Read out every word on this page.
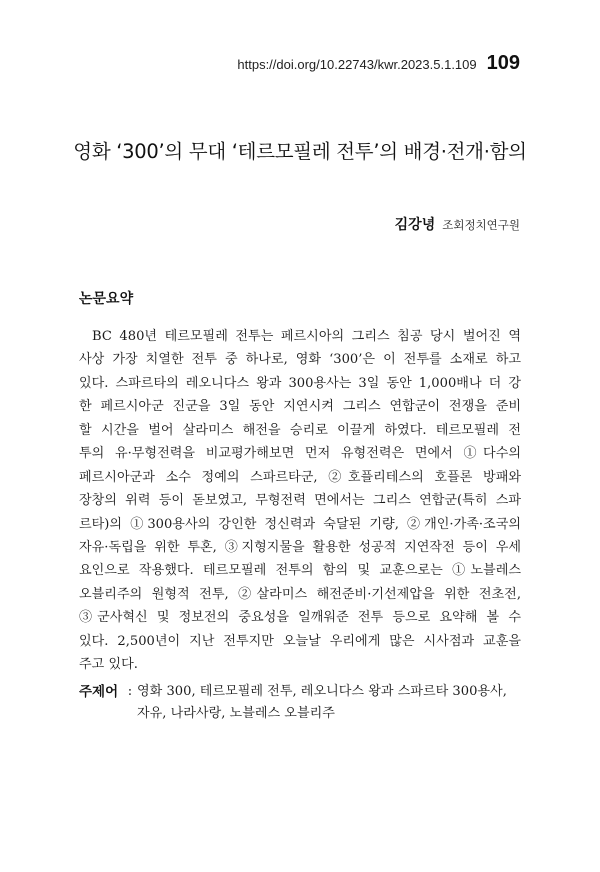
https://doi.org/10.22743/kwr.2023.5.1.109 109
영화 ‘300’의 무대 ‘테르모필레 전투’의 배경·전개·함의
김강녕 조회정치연구원
논문요약
BC 480년 테르모필레 전투는 페르시아의 그리스 침공 당시 벌어진 역
사상 가장 치열한 전투 중 하나로, 영화 ‘300’은 이 전투를 소재로 하고
있다. 스파르타의 레오니다스 왕과 300용사는 3일 동안 1,000배나 더 강
한 페르시아군 진군을 3일 동안 지연시켜 그리스 연합군이 전쟁을 준비
할 시간을 벌어 살라미스 해전을 승리로 이끌게 하였다. 테르모필레 전
투의 유·무형전력을 비교평가해보면 먼저 유형전력은 면에서 ①다수의
페르시아군과 소수 정예의 스파르타군, ②호플리테스의 호플론 방패와
장창의 위력 등이 돋보였고, 무형전력 면에서는 그리스 연합군(특히 스파
르타)의 ①300용사의 강인한 정신력과 숙달된 기량, ②개인·가족·조국의
자유·독립을 위한 투혼, ③지형지물을 활용한 성공적 지연작전 등이 우세
요인으로 작용했다. 테르모필레 전투의 함의 및 교훈으로는 ①노블레스
오블리주의 원형적 전투, ②살라미스 해전준비·기선제압을 위한 전초전,
③군사혁신 및 정보전의 중요성을 일깨워준 전투 등으로 요약해 볼 수
있다. 2,500년이 지난 전투지만 오늘날 우리에게 많은 시사점과 교훈을
주고 있다.
주제어 : 영화 300, 테르모필레 전투, 레오니다스 왕과 스파르타 300용사,
자유, 나라사랑, 노블레스 오블리주
